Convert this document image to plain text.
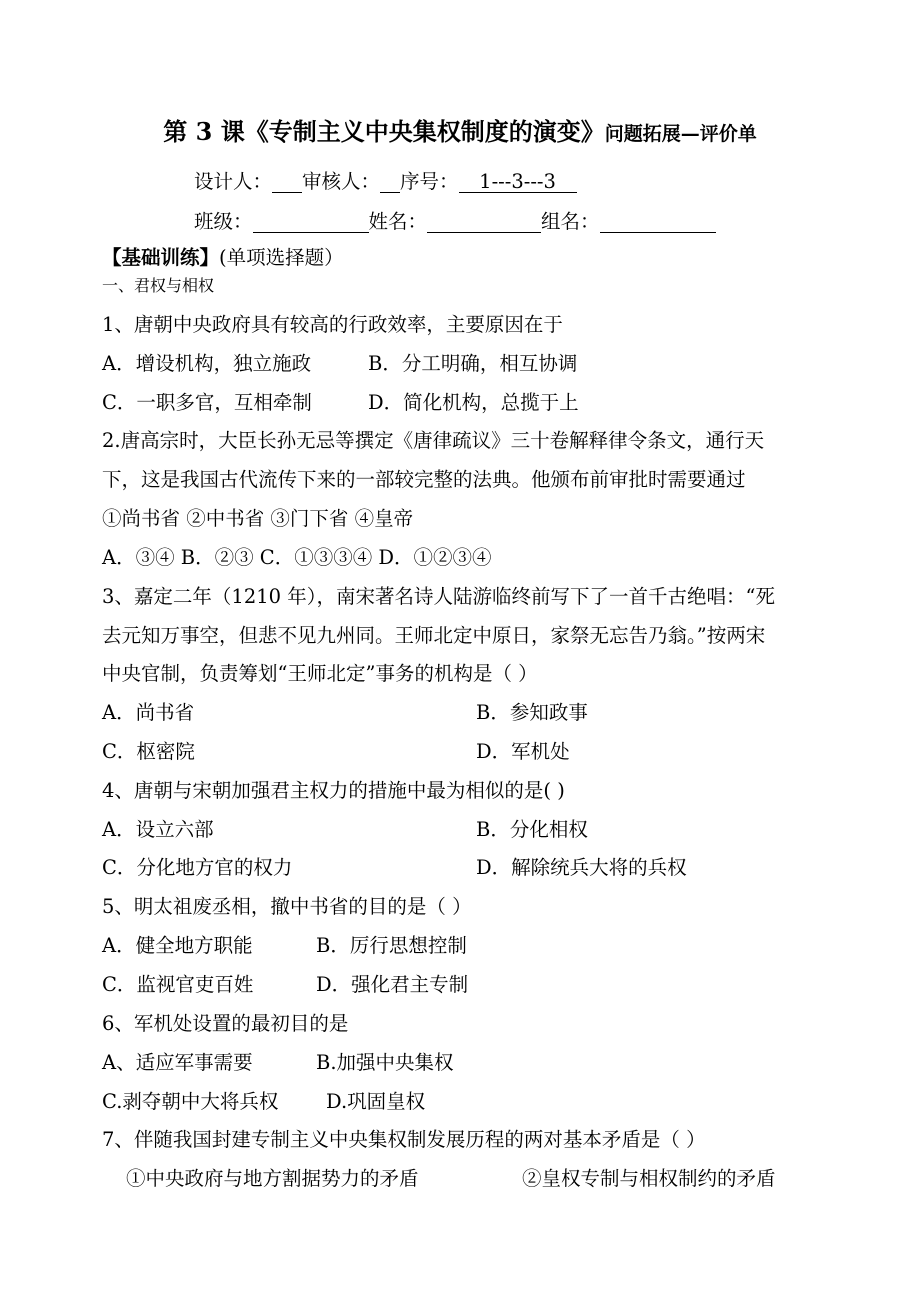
第 3 课《专制主义中央集权制度的演变》问题拓展—评价单
设计人： 审核人： 序号： 1---3---3
班级：	姓名：	组名：
【基础训练】(单项选择题）
一、君权与相权
1、唐朝中央政府具有较高的行政效率，主要原因在于
A．增设机构，独立施政	B．分工明确，相互协调
C．一职多官，互相牵制	D．简化机构，总揽于上
2.唐高宗时，大臣长孙无忌等撰定《唐律疏议》三十卷解释律令条文，通行天
下，这是我国古代流传下来的一部较完整的法典。他颁布前审批时需要通过
①尚书省 ②中书省 ③门下省 ④皇帝
A．③④ B．②③ C．①③③④ D．①②③④
3、嘉定二年（1210 年），南宋著名诗人陆游临终前写下了一首千古绝唱：“死
去元知万事空，但悲不见九州同。王师北定中原日，家祭无忘告乃翁。”按两宋
中央官制，负责筹划“王师北定”事务的机构是（ ）
A．尚书省	B．参知政事
C．枢密院	D．军机处
4、唐朝与宋朝加强君主权力的措施中最为相似的是( )
A．设立六部	B．分化相权
C．分化地方官的权力	D．解除统兵大将的兵权
5、明太祖废丞相，撤中书省的目的是（ ）
A．健全地方职能	B．厉行思想控制
C．监视官吏百姓	D．强化君主专制
6、军机处设置的最初目的是
A、适应军事需要	B.加强中央集权
C.剥夺朝中大将兵权 D.巩固皇权
7、伴随我国封建专制主义中央集权制发展历程的两对基本矛盾是（ ）
①中央政府与地方割据势力的矛盾	②皇权专制与相权制约的矛盾
